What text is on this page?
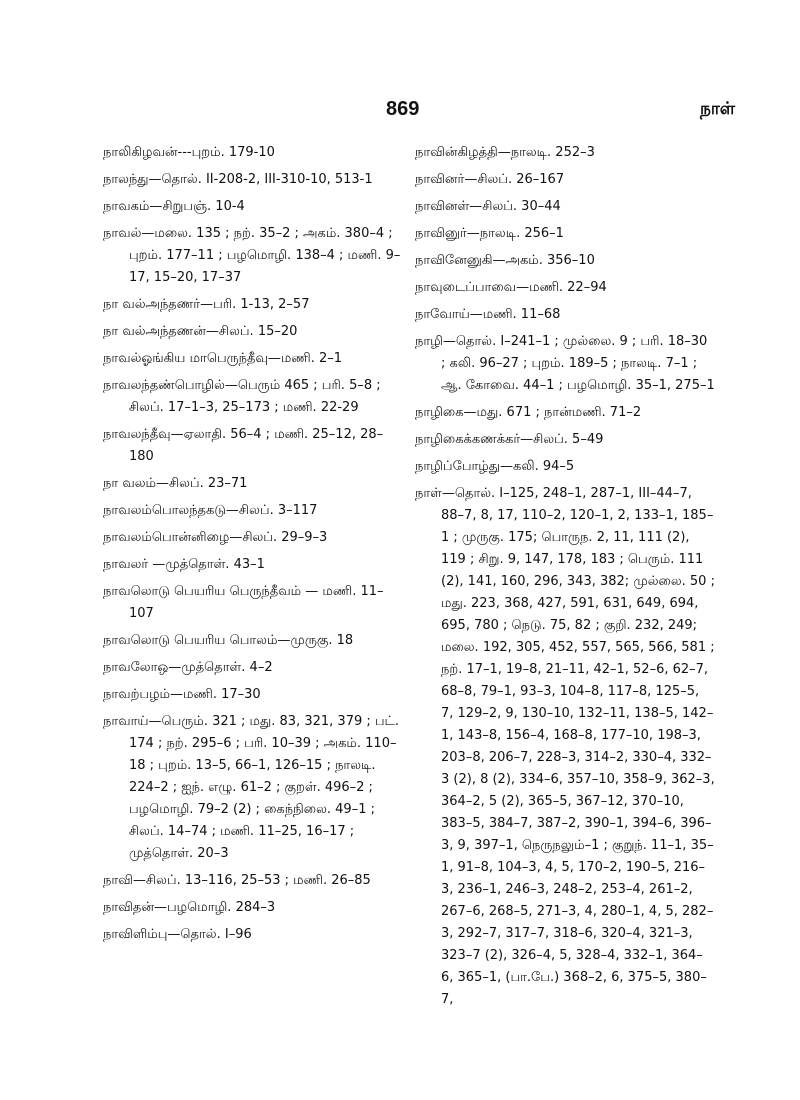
869	நாள்
நாலிகிழவன்---புறம். 179-10
நாலந்து—தொல். II-208-2, III-310-10, 513-1
நாவகம்—சிறுபஞ். 10-4
நாவல்—மலை. 135 ; நற். 35–2 ; அகம். 380–4 ; புறம். 177–11 ; பழமொழி. 138–4 ; மணி. 9–17, 15–20, 17–37
நா வல்அந்தணர்—பரி. 1-13, 2–57
நா வல்அந்தணன்—சிலப். 15–20
நாவல்ஓங்கிய மாபெருந்தீவு—மணி. 2–1
நாவலந்தண்பொழில்—பெரும் 465 ; பரி. 5–8 ; சிலப். 17–1–3, 25–173 ; மணி. 22-29
நாவலந்தீவு—ஏலாதி. 56–4 ; மணி. 25–12, 28–180
நா வலம்—சிலப். 23–71
நாவலம்பொலந்தகடு—சிலப். 3–117
நாவலம்பொன்னிழை—சிலப். 29–9–3
நாவலர் —முத்தொள். 43–1
நாவலொடு பெயரிய பெருந்தீவம் — மணி. 11–107
நாவலொடு பெயரிய பொலம்—முருகு. 18
நாவலோஒ—முத்தொள். 4–2
நாவற்பழம்—மணி. 17–30
நாவாய்—பெரும். 321 ; மது. 83, 321, 379 ; பட். 174 ; நற். 295–6 ; பரி. 10–39 ; அகம். 110–18 ; புறம். 13–5, 66–1, 126–15 ; நாலடி. 224–2 ; ஐந். எழு. 61–2 ; குறள். 496–2 ; பழமொழி. 79–2 (2) ; கைந்நிலை. 49–1 ; சிலப். 14–74 ; மணி. 11–25, 16–17 ; முத்தொள். 20–3
நாவி—சிலப். 13–116, 25–53 ; மணி. 26–85
நாவிதன்—பழமொழி. 284–3
நாவிளிம்பு—தொல். I–96
நாவின்கிழத்தி—நாலடி. 252–3
நாவினர்—சிலப். 26–167
நாவினள்—சிலப். 30–44
நாவினுர்—நாலடி. 256–1
நாவினேனுகி—அகம். 356–10
நாவுடைப்பாவை—மணி. 22–94
நாவோய்—மணி. 11–68
நாழி—தொல். I–241–1 ; முல்லை. 9 ; பரி. 18–30 ; கலி. 96–27 ; புறம். 189–5 ; நாலடி. 7–1 ; ஆ. கோவை. 44–1 ; பழமொழி. 35–1, 275–1
நாழிகை—மது. 671 ; நான்மணி. 71–2
நாழிகைக்கணக்கர்—சிலப். 5–49
நாழிப்போழ்து—கலி. 94–5
நாள்—தொல். I–125, 248–1, 287–1, III–44–7, 88–7, 8, 17, 110–2, 120–1, 2, 133–1, 185–1 ; முருகு. 175; பொருந. 2, 11, 111 (2), 119 ; சிறு. 9, 147, 178, 183 ; பெரும். 111 (2), 141, 160, 296, 343, 382; முல்லை. 50 ; மது. 223, 368, 427, 591, 631, 649, 694, 695, 780 ; நெடு. 75, 82 ; குறி. 232, 249; மலை. 192, 305, 452, 557, 565, 566, 581 ; நற். 17–1, 19–8, 21–11, 42–1, 52–6, 62–7, 68–8, 79–1, 93–3, 104–8, 117–8, 125–5, 7, 129–2, 9, 130–10, 132–11, 138–5, 142–1, 143–8, 156–4, 168–8, 177–10, 198–3, 203–8, 206–7, 228–3, 314–2, 330–4, 332–3 (2), 8 (2), 334–6, 357–10, 358–9, 362–3, 364–2, 5 (2), 365–5, 367–12, 370–10, 383–5, 384–7, 387–2, 390–1, 394–6, 396–3, 9, 397–1, நெருநலும்–1 ; குறுந். 11–1, 35–1, 91–8, 104–3, 4, 5, 170–2, 190–5, 216–3, 236–1, 246–3, 248–2, 253–4, 261–2, 267–6, 268–5, 271–3, 4, 280–1, 4, 5, 282–3, 292–7, 317–7, 318–6, 320–4, 321–3, 323–7 (2), 326–4, 5, 328–4, 332–1, 364–6, 365–1, (பா.பே.) 368–2, 6, 375–5, 380–7,
